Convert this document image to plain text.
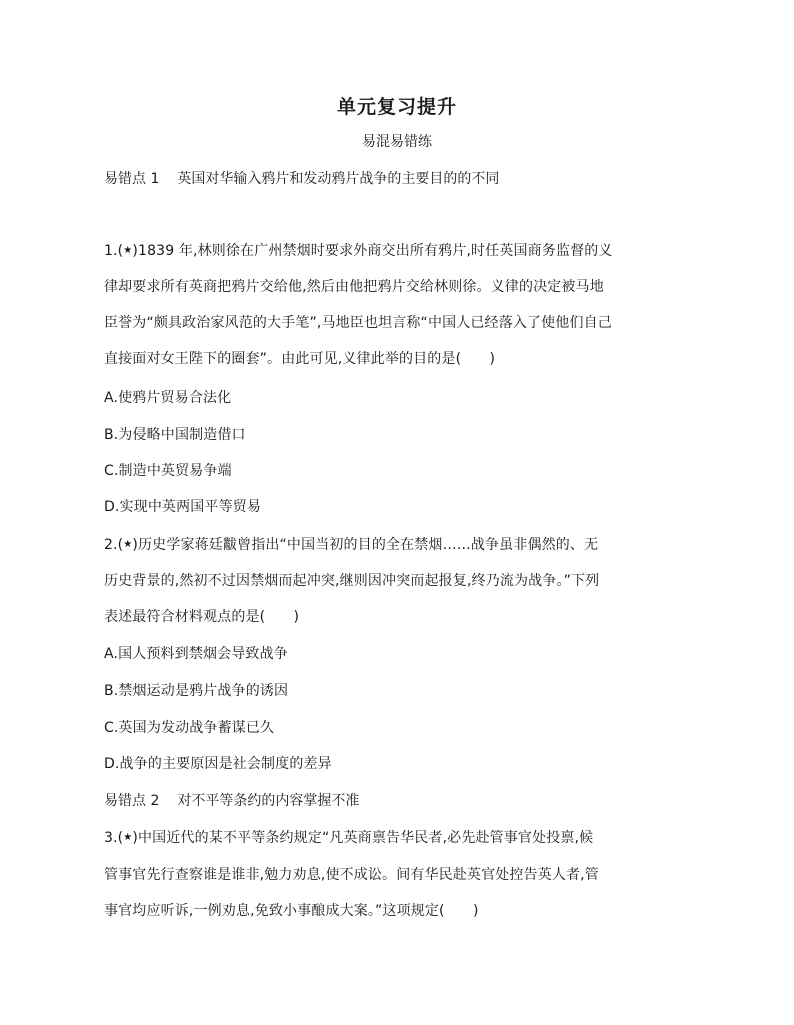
单元复习提升
易混易错练
易错点 1 英国对华输入鸦片和发动鸦片战争的主要目的的不同
1.(★)1839 年,林则徐在广州禁烟时要求外商交出所有鸦片,时任英国商务监督的义
律却要求所有英商把鸦片交给他,然后由他把鸦片交给林则徐。义律的决定被马地
臣誉为“颇具政治家风范的大手笔”,马地臣也坦言称“中国人已经落入了使他们自己
直接面对女王陛下的圈套”。由此可见,义律此举的目的是(　　)
A.使鸦片贸易合法化
B.为侵略中国制造借口
C.制造中英贸易争端
D.实现中英两国平等贸易
2.(★)历史学家蒋廷黻曾指出“中国当初的目的全在禁烟……战争虽非偶然的、无
历史背景的,然初不过因禁烟而起冲突,继则因冲突而起报复,终乃流为战争。”下列
表述最符合材料观点的是(　　)
A.国人预料到禁烟会导致战争
B.禁烟运动是鸦片战争的诱因
C.英国为发动战争蓄谋已久
D.战争的主要原因是社会制度的差异
易错点 2 对不平等条约的内容掌握不准
3.(★)中国近代的某不平等条约规定“凡英商禀告华民者,必先赴管事官处投禀,候
管事官先行查察谁是谁非,勉力劝息,使不成讼。间有华民赴英官处控告英人者,管
事官均应听诉,一例劝息,免致小事酿成大案。”这项规定(　　)
